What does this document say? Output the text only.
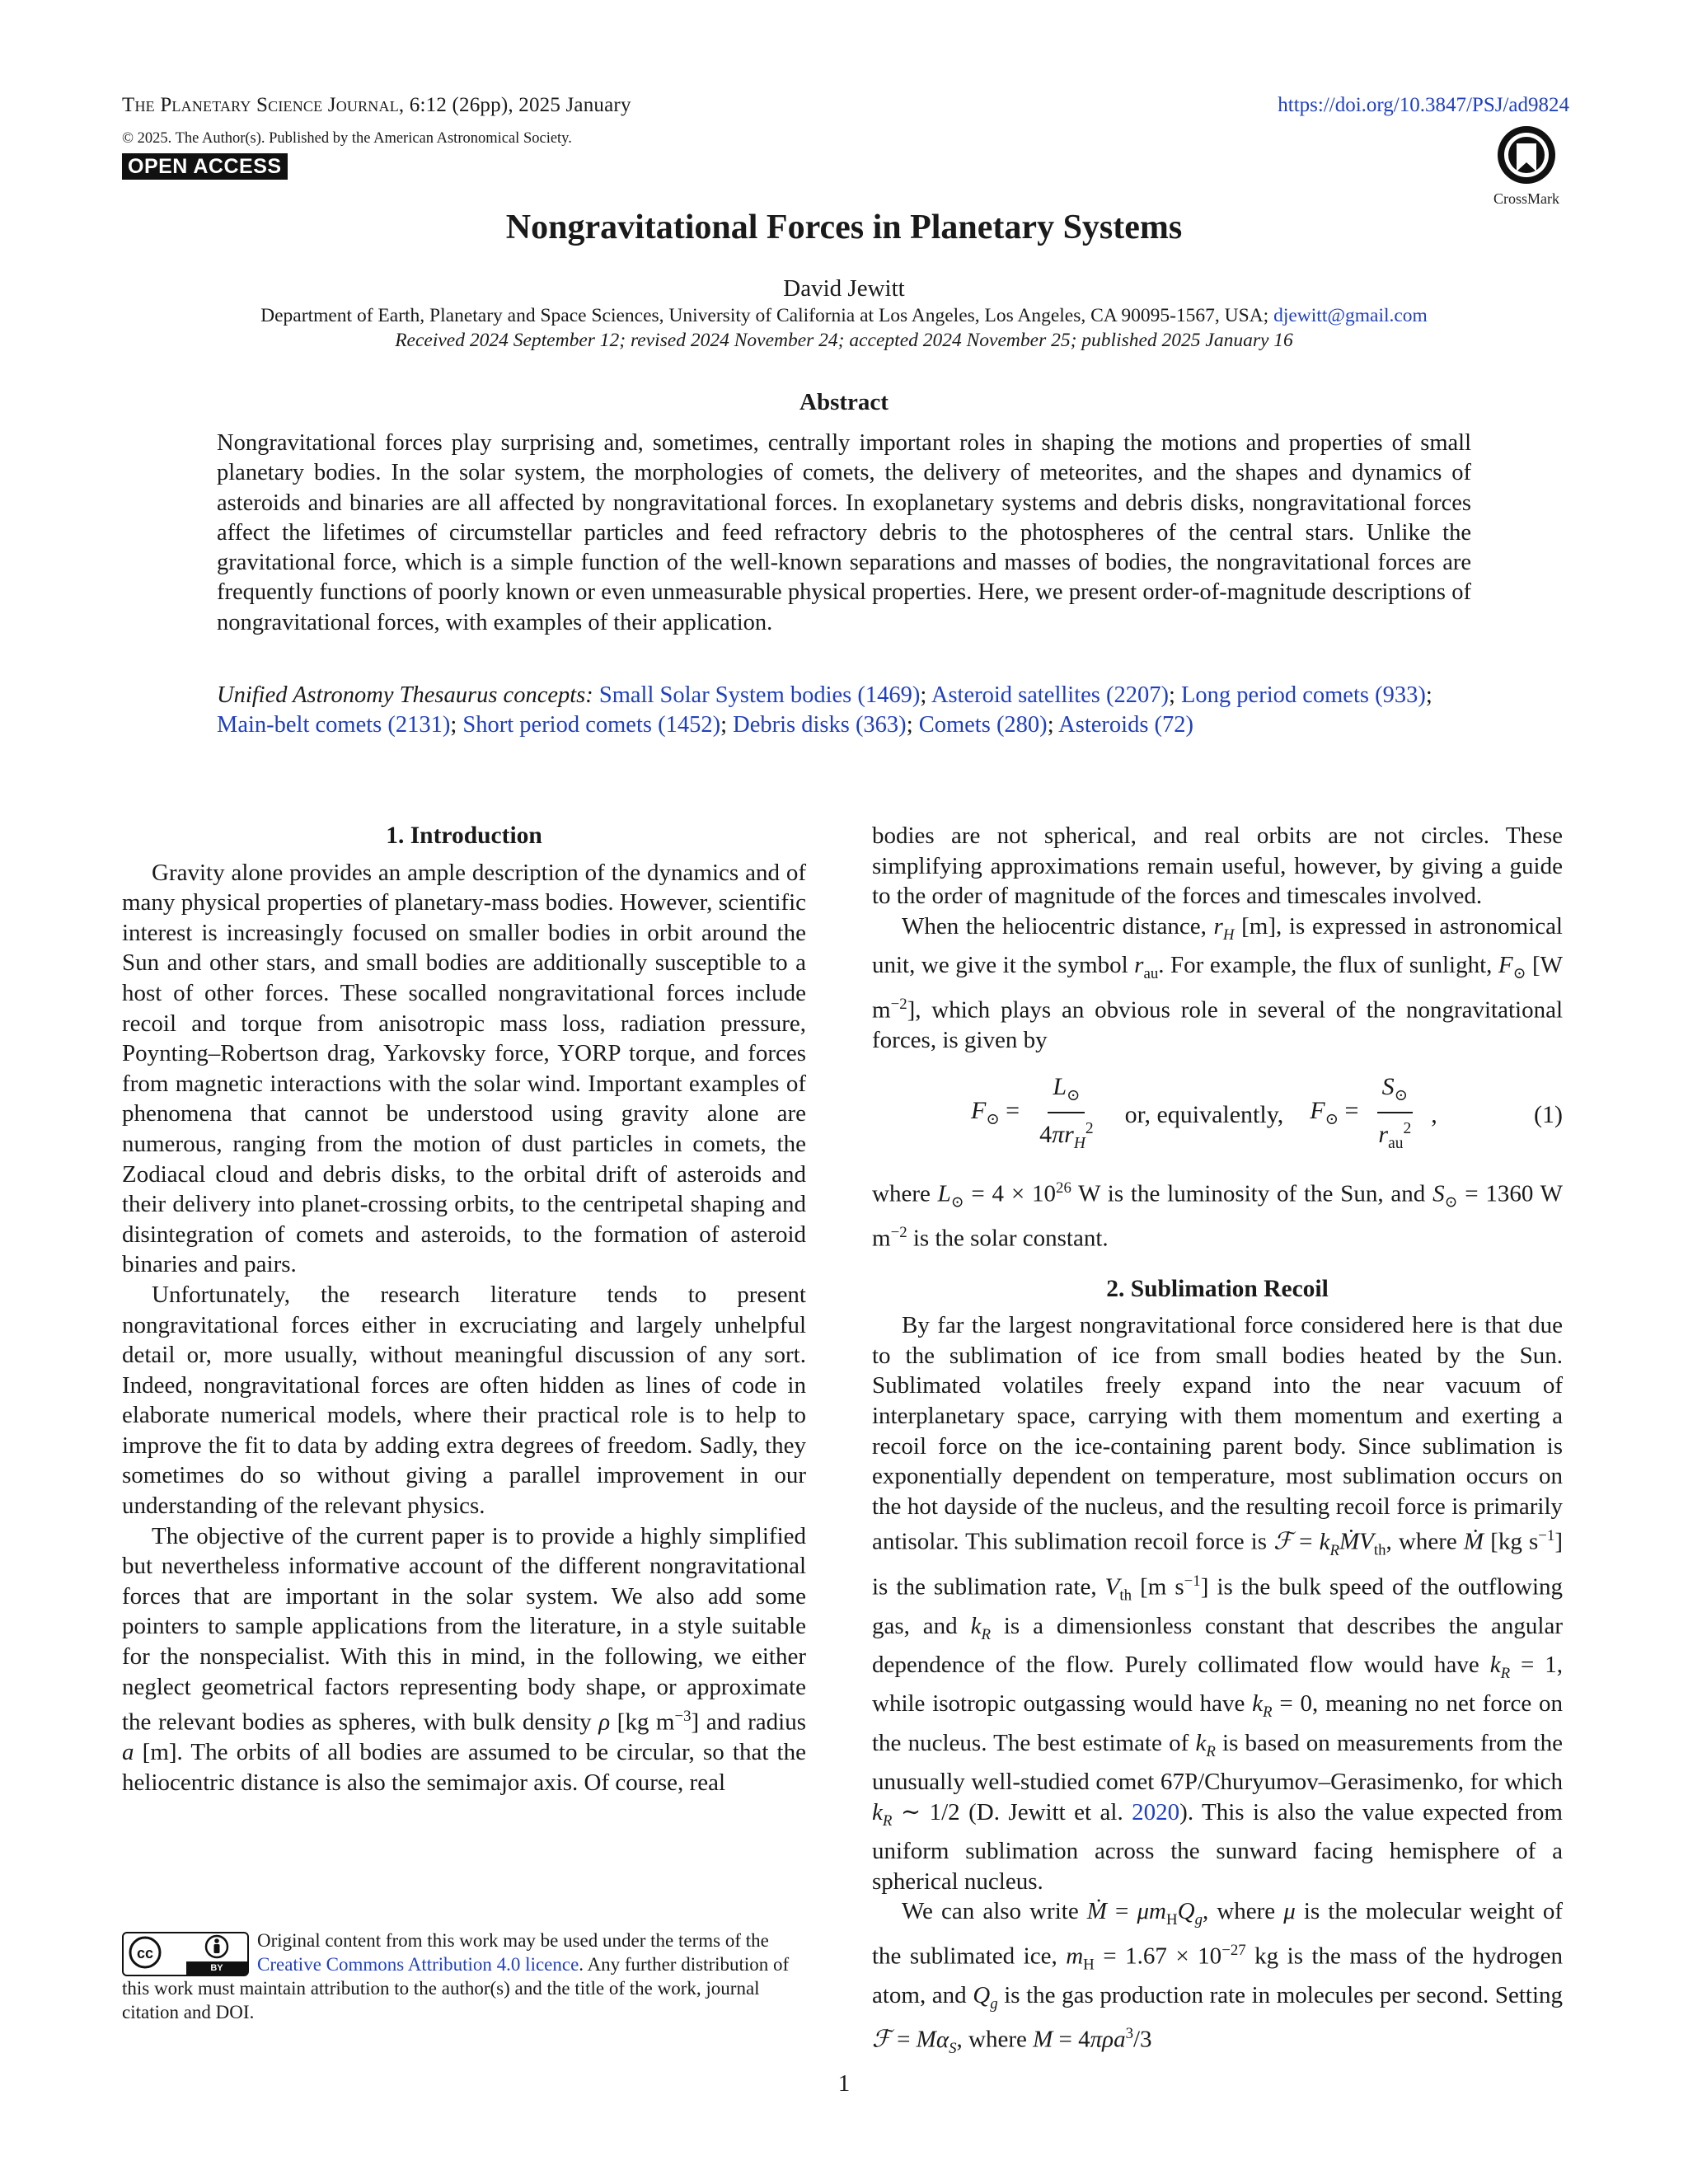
The Planetary Science Journal, 6:12 (26pp), 2025 January
© 2025. The Author(s). Published by the American Astronomical Society.
OPEN ACCESS
https://doi.org/10.3847/PSJ/ad9824
CrossMark
Nongravitational Forces in Planetary Systems
David Jewitt
Department of Earth, Planetary and Space Sciences, University of California at Los Angeles, Los Angeles, CA 90095-1567, USA; djewitt@gmail.com
Received 2024 September 12; revised 2024 November 24; accepted 2024 November 25; published 2025 January 16
Abstract
Nongravitational forces play surprising and, sometimes, centrally important roles in shaping the motions and properties of small planetary bodies. In the solar system, the morphologies of comets, the delivery of meteorites, and the shapes and dynamics of asteroids and binaries are all affected by nongravitational forces. In exoplanetary systems and debris disks, nongravitational forces affect the lifetimes of circumstellar particles and feed refractory debris to the photospheres of the central stars. Unlike the gravitational force, which is a simple function of the well-known separations and masses of bodies, the nongravitational forces are frequently functions of poorly known or even unmeasurable physical properties. Here, we present order-of-magnitude descriptions of nongravitational forces, with examples of their application.
Unified Astronomy Thesaurus concepts: Small Solar System bodies (1469); Asteroid satellites (2207); Long period comets (933); Main-belt comets (2131); Short period comets (1452); Debris disks (363); Comets (280); Asteroids (72)
1. Introduction

Gravity alone provides an ample description of the dynamics and of many physical properties of planetary-mass bodies. However, scientific interest is increasingly focused on smaller bodies in orbit around the Sun and other stars, and small bodies are additionally susceptible to a host of other forces. These socalled nongravitational forces include recoil and torque from anisotropic mass loss, radiation pressure, Poynting–Robertson drag, Yarkovsky force, YORP torque, and forces from magnetic interactions with the solar wind. Important examples of phenomena that cannot be understood using gravity alone are numerous, ranging from the motion of dust particles in comets, the Zodiacal cloud and debris disks, to the orbital drift of asteroids and their delivery into planet-crossing orbits, to the centripetal shaping and disintegration of comets and asteroids, to the formation of asteroid binaries and pairs.

Unfortunately, the research literature tends to present nongravitational forces either in excruciating and largely unhelpful detail or, more usually, without meaningful discussion of any sort. Indeed, nongravitational forces are often hidden as lines of code in elaborate numerical models, where their practical role is to help to improve the fit to data by adding extra degrees of freedom. Sadly, they sometimes do so without giving a parallel improvement in our understanding of the relevant physics.

The objective of the current paper is to provide a highly simplified but nevertheless informative account of the different nongravitational forces that are important in the solar system. We also add some pointers to sample applications from the literature, in a style suitable for the nonspecialist. With this in mind, in the following, we either neglect geometrical factors representing body shape, or approximate the relevant bodies as spheres, with bulk density ρ [kg $m^{-3}$] and radius a [m]. The orbits of all bodies are assumed to be circular, so that the heliocentric distance is also the semimajor axis. Of course, real

bodies are not spherical, and real orbits are not circles. These simplifying approximations remain useful, however, by giving a guide to the order of magnitude of the forces and timescales involved.

When the heliocentric distance, $r_H$ [m], is expressed in astronomical unit, we give it the symbol $r_{au}$. For example, the flux of sunlight, $F_⊙$ [W $m^{-2}$], which plays an obvious role in several of the nongravitational forces, is given by

$F_⊙ = \frac{L_⊙}{4\pi r_H^2}$ or, equivalently, $F_⊙ = \frac{S_⊙}{r_{au}^2}$ ,	(1)

where $L_⊙ = 4 \times 10^{26}$ W is the luminosity of the Sun, and $S_⊙ = 1360$ W $m^{-2}$ is the solar constant.

2. Sublimation Recoil

By far the largest nongravitational force considered here is that due to the sublimation of ice from small bodies heated by the Sun. Sublimated volatiles freely expand into the near vacuum of interplanetary space, carrying with them momentum and exerting a recoil force on the ice-containing parent body. Since sublimation is exponentially dependent on temperature, most sublimation occurs on the hot dayside of the nucleus, and the resulting recoil force is primarily antisolar. This sublimation recoil force is ℱ = $k_RṀV_{th}$, where Ṁ [kg $s^{-1}$] is the sublimation rate, $V_{th}$ [m $s^{-1}$] is the bulk speed of the outflowing gas, and $k_R$ is a dimensionless constant that describes the angular dependence of the flow. Purely collimated flow would have $k_R = 1$, while isotropic outgassing would have $k_R = 0$, meaning no net force on the nucleus. The best estimate of $k_R$ is based on measurements from the unusually well-studied comet 67P/Churyumov–Gerasimenko, for which $k_R$ ∼ 1/2 (D. Jewitt et al. 2020). This is also the value expected from uniform sublimation across the sunward facing hemisphere of a spherical nucleus.

We can also write Ṁ = $\mu m_HQ_g$, where μ is the molecular weight of the sublimated ice, $m_H = 1.67 \times 10^{-27}$ kg is the mass of the hydrogen atom, and $Q_g$ is the gas production rate in molecules per second. Setting ℱ = $M\alpha_S$, where M = 4πρa$^3$/3

cc
BY
Original content from this work may be used under the terms of the Creative Commons Attribution 4.0 licence. Any further distribution of this work must maintain attribution to the author(s) and the title of the work, journal citation and DOI.
1
